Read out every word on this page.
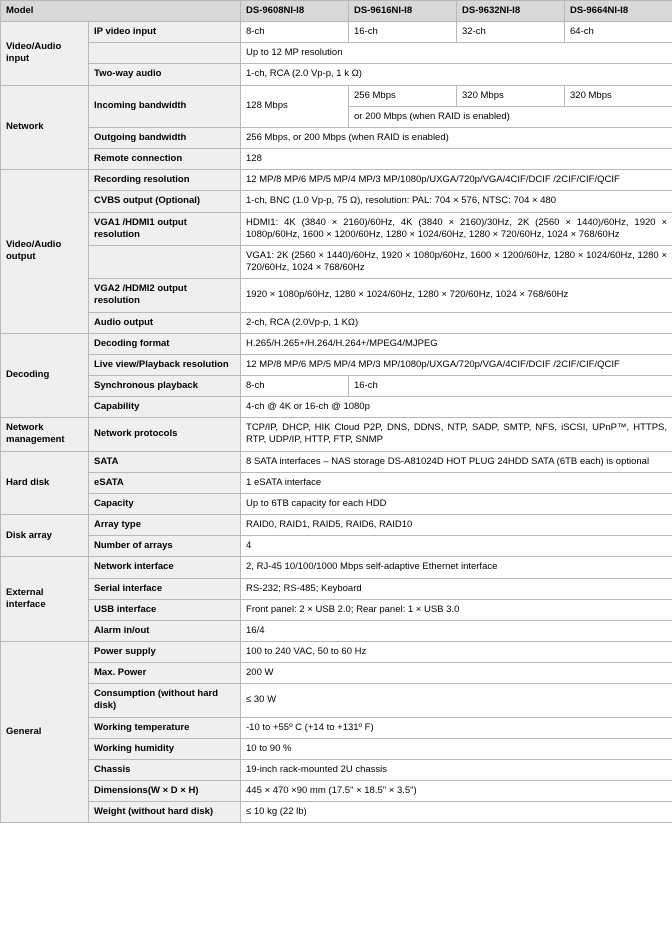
Model		DS-9608NI-I8	DS-9616NI-I8	DS-9632NI-I8	DS-9664NI-I8
Video/Audio input	IP video input	8-ch	16-ch	32-ch	64-ch
		Up to 12 MP resolution			
	Two-way audio	1-ch, RCA (2.0 Vp-p, 1 k Ω)			
Network	Incoming bandwidth	128 Mbps	256 Mbps	320 Mbps	320 Mbps
			or 200 Mbps (when RAID is enabled)		
	Outgoing bandwidth	256 Mbps, or 200 Mbps (when RAID is enabled)			
	Remote connection	128			
Video/Audio output	Recording resolution	12 MP/8 MP/6 MP/5 MP/4 MP/3 MP/1080p/UXGA/720p/VGA/4CIF/DCIF /2CIF/CIF/QCIF			
	CVBS output (Optional)	1-ch, BNC (1.0 Vp-p, 75 Ω), resolution: PAL: 704 × 576, NTSC: 704 × 480			
	VGA1 /HDMI1 output resolution	HDMI1: 4K (3840 × 2160)/60Hz, 4K (3840 × 2160)/30Hz, 2K (2560 × 1440)/60Hz, 1920 × 1080p/60Hz, 1600 × 1200/60Hz, 1280 × 1024/60Hz, 1280 × 720/60Hz, 1024 × 768/60Hz			
		VGA1: 2K (2560 × 1440)/60Hz, 1920 × 1080p/60Hz, 1600 × 1200/60Hz, 1280 × 1024/60Hz, 1280 × 720/60Hz, 1024 × 768/60Hz			
	VGA2 /HDMI2 output resolution	1920 × 1080p/60Hz, 1280 × 1024/60Hz, 1280 × 720/60Hz, 1024 × 768/60Hz			
	Audio output	2-ch, RCA (2.0Vp-p, 1 KΩ)			
Decoding	Decoding format	H.265/H.265+/H.264/H.264+/MPEG4/MJPEG			
	Live view/Playback resolution	12 MP/8 MP/6 MP/5 MP/4 MP/3 MP/1080p/UXGA/720p/VGA/4CIF/DCIF /2CIF/CIF/QCIF			
	Synchronous playback	8-ch	16-ch		
	Capability	4-ch @ 4K or 16-ch @ 1080p			
Network management	Network protocols	TCP/IP, DHCP, HIK Cloud P2P, DNS, DDNS, NTP, SADP, SMTP, NFS, iSCSI, UPnP™, HTTPS, RTP, UDP/IP, HTTP, FTP, SNMP			
Hard disk	SATA	8 SATA interfaces – NAS storage DS-A81024D HOT PLUG 24HDD SATA (6TB each) is optional			
	eSATA	1 eSATA interface			
	Capacity	Up to 6TB capacity for each HDD			
Disk array	Array type	RAID0, RAID1, RAID5, RAID6, RAID10			
	Number of arrays	4			
External interface	Network interface	2, RJ-45 10/100/1000 Mbps self-adaptive Ethernet interface			
	Serial interface	RS-232; RS-485; Keyboard			
	USB interface	Front panel: 2 × USB 2.0; Rear panel: 1 × USB 3.0			
	Alarm in/out	16/4			
General	Power supply	100 to 240 VAC, 50 to 60 Hz			
	Max. Power	200 W			
	Consumption (without hard disk)	≤ 30 W			
	Working temperature	-10 to +55º C (+14 to +131º F)			
	Working humidity	10 to 90 %			
	Chassis	19-inch rack-mounted 2U chassis			
	Dimensions(W × D × H)	445 × 470 ×90 mm (17.5" × 18.5" × 3.5")			
	Weight (without hard disk)	≤ 10 kg (22 lb)			
